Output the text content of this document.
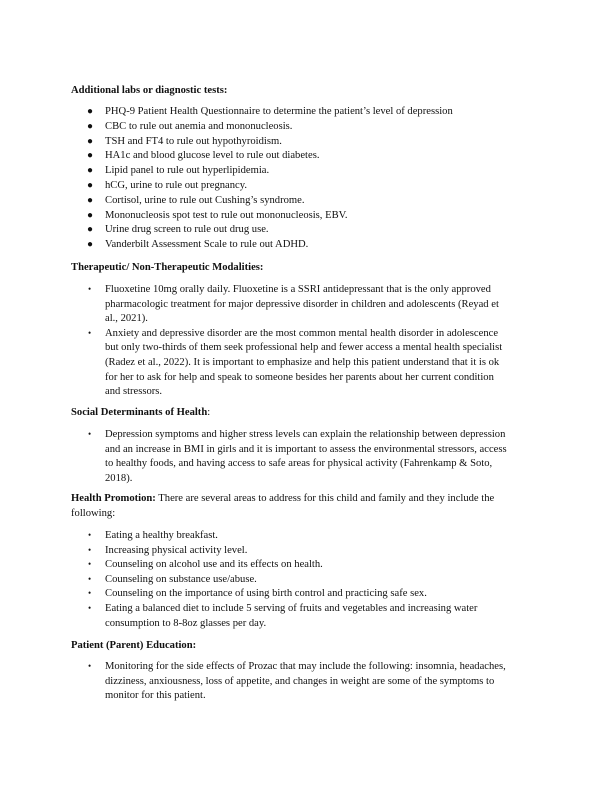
Additional labs or diagnostic tests:
● PHQ-9 Patient Health Questionnaire to determine the patient’s level of depression
● CBC to rule out anemia and mononucleosis.
● TSH and FT4 to rule out hypothyroidism.
● HA1c and blood glucose level to rule out diabetes.
● Lipid panel to rule out hyperlipidemia.
● hCG, urine to rule out pregnancy.
● Cortisol, urine to rule out Cushing’s syndrome.
● Mononucleosis spot test to rule out mononucleosis, EBV.
● Urine drug screen to rule out drug use.
● Vanderbilt Assessment Scale to rule out ADHD.
Therapeutic/ Non-Therapeutic Modalities:
• Fluoxetine 10mg orally daily. Fluoxetine is a SSRI antidepressant that is the only approved pharmacologic treatment for major depressive disorder in children and adolescents (Reyad et al., 2021).
• Anxiety and depressive disorder are the most common mental health disorder in adolescence but only two-thirds of them seek professional help and fewer access a mental health specialist (Radez et al., 2022). It is important to emphasize and help this patient understand that it is ok for her to ask for help and speak to someone besides her parents about her current condition and stressors.
Social Determinants of Health:
• Depression symptoms and higher stress levels can explain the relationship between depression and an increase in BMI in girls and it is important to assess the environmental stressors, access to healthy foods, and having access to safe areas for physical activity (Fahrenkamp & Soto, 2018).
Health Promotion: There are several areas to address for this child and family and they include the following:
• Eating a healthy breakfast.
• Increasing physical activity level.
• Counseling on alcohol use and its effects on health.
• Counseling on substance use/abuse.
• Counseling on the importance of using birth control and practicing safe sex.
• Eating a balanced diet to include 5 serving of fruits and vegetables and increasing water consumption to 8-8oz glasses per day.
Patient (Parent) Education:
• Monitoring for the side effects of Prozac that may include the following: insomnia, headaches, dizziness, anxiousness, loss of appetite, and changes in weight are some of the symptoms to monitor for this patient.
